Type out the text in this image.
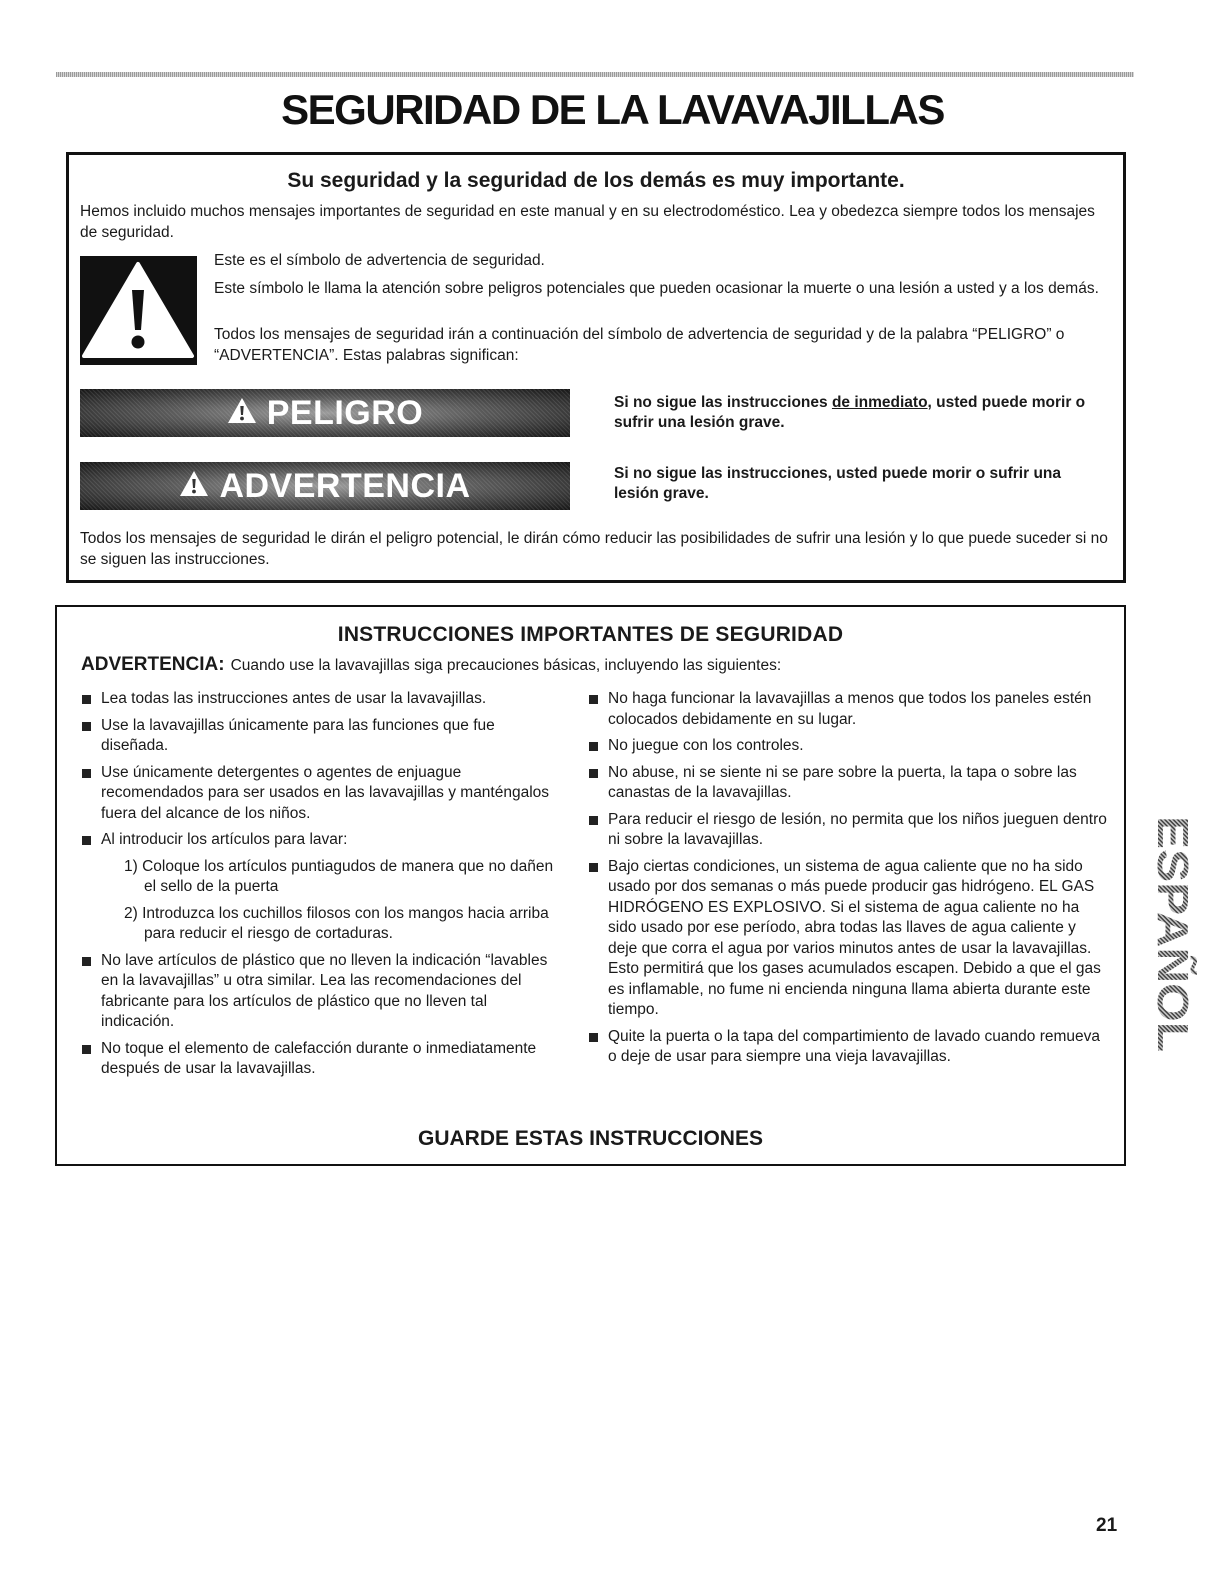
SEGURIDAD DE LA LAVAVAJILLAS
Su seguridad y la seguridad de los demás es muy importante.

Hemos incluido muchos mensajes importantes de seguridad en este manual y en su electrodoméstico. Lea y obedezca siempre todos los mensajes de seguridad.

Este es el símbolo de advertencia de seguridad.

Este símbolo le llama la atención sobre peligros potenciales que pueden ocasionar la muerte o una lesión a usted y a los demás.

Todos los mensajes de seguridad irán a continuación del símbolo de advertencia de seguridad y de la palabra “PELIGRO” o “ADVERTENCIA”. Estas palabras significan:

PELIGRO	Si no sigue las instrucciones de inmediato, usted puede morir o sufrir una lesión grave.

ADVERTENCIA	Si no sigue las instrucciones, usted puede morir o sufrir una lesión grave.

Todos los mensajes de seguridad le dirán el peligro potencial, le dirán cómo reducir las posibilidades de sufrir una lesión y lo que puede suceder si no se siguen las instrucciones.

INSTRUCCIONES IMPORTANTES DE SEGURIDAD

ADVERTENCIA: Cuando use la lavavajillas siga precauciones básicas, incluyendo las siguientes:

Lea todas las instrucciones antes de usar la lavavajillas.

Use la lavavajillas únicamente para las funciones que fue diseñada.

Use únicamente detergentes o agentes de enjuague recomendados para ser usados en las lavavajillas y manténgalos fuera del alcance de los niños.

Al introducir los artículos para lavar:

1) Coloque los artículos puntiagudos de manera que no dañen el sello de la puerta

2) Introduzca los cuchillos filosos con los mangos hacia arriba para reducir el riesgo de cortaduras.

No lave artículos de plástico que no lleven la indicación “lavables en la lavavajillas” u otra similar. Lea las recomendaciones del fabricante para los artículos de plástico que no lleven tal indicación.

No toque el elemento de calefacción durante o inmediatamente después de usar la lavavajillas.

No haga funcionar la lavavajillas a menos que todos los paneles estén colocados debidamente en su lugar.

No juegue con los controles.

No abuse, ni se siente ni se pare sobre la puerta, la tapa o sobre las canastas de la lavavajillas.

Para reducir el riesgo de lesión, no permita que los niños jueguen dentro ni sobre la lavavajillas.

Bajo ciertas condiciones, un sistema de agua caliente que no ha sido usado por dos semanas o más puede producir gas hidrógeno. EL GAS HIDRÓGENO ES EXPLOSIVO. Si el sistema de agua caliente no ha sido usado por ese período, abra todas las llaves de agua caliente y deje que corra el agua por varios minutos antes de usar la lavavajillas. Esto permitirá que los gases acumulados escapen. Debido a que el gas es inflamable, no fume ni encienda ninguna llama abierta durante este tiempo.

Quite la puerta o la tapa del compartimiento de lavado cuando remueva o deje de usar para siempre una vieja lavavajillas.

GUARDE ESTAS INSTRUCCIONES
ESPAÑOL

21
